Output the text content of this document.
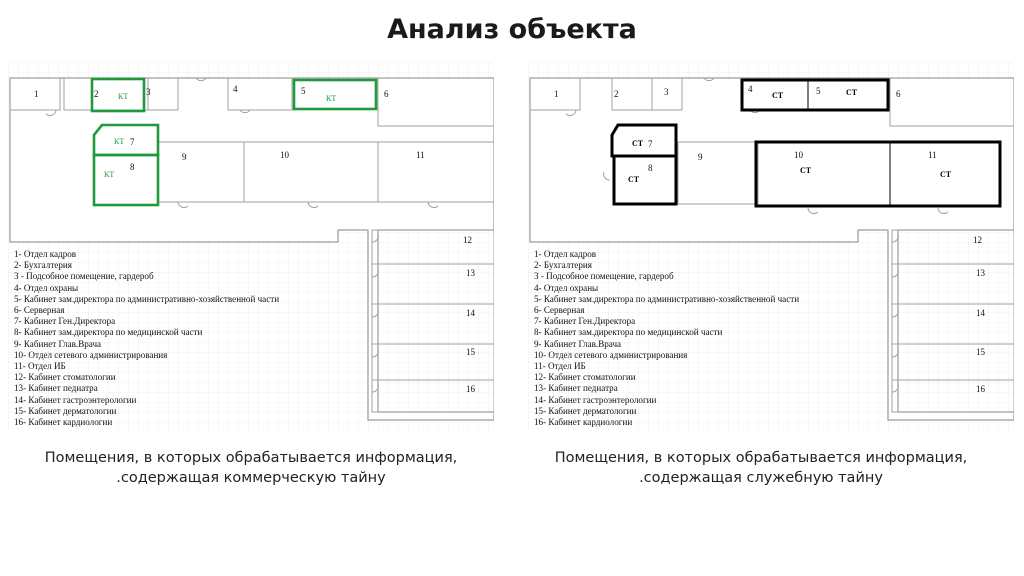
Анализ объекта
1	2	3	4	5	6
7
8
9	10	11
12
13
14
15
16
КТ	КТ
КТ
КТ
1- Отдел кадров
2- Бухгалтерия
3 - Подсобное помещение, гардероб
4- Отдел охраны
5- Кабинет зам.директора по административно-хозяйственной части
6- Серверная
7- Кабинет Ген.Директора
8- Кабинет зам.директора по медицинской части
9- Кабинет Глав.Врача
10- Отдел сетевого администрирования
11- Отдел ИБ
12- Кабинет стоматологии
13- Кабинет педиатра
14- Кабинет гастроэнтерологии
15- Кабинет дерматологии
16- Кабинет кардиологии
1	2	3	4	5	6
7
8
9	10	11
12
13
14
15
16
СТ	СТ
СТ
СТ
СТ	СТ
1- Отдел кадров
2- Бухгалтерия
3 - Подсобное помещение, гардероб
4- Отдел охраны
5- Кабинет зам.директора по административно-хозяйственной части
6- Серверная
7- Кабинет Ген.Директора
8- Кабинет зам.директора по медицинской части
9- Кабинет Глав.Врача
10- Отдел сетевого администрирования
11- Отдел ИБ
12- Кабинет стоматологии
13- Кабинет педиатра
14- Кабинет гастроэнтерологии
15- Кабинет дерматологии
16- Кабинет кардиологии
Помещения, в которых обрабатывается информация, .содержащая коммерческую тайну
Помещения, в которых обрабатывается информация, .содержащая служебную тайну
